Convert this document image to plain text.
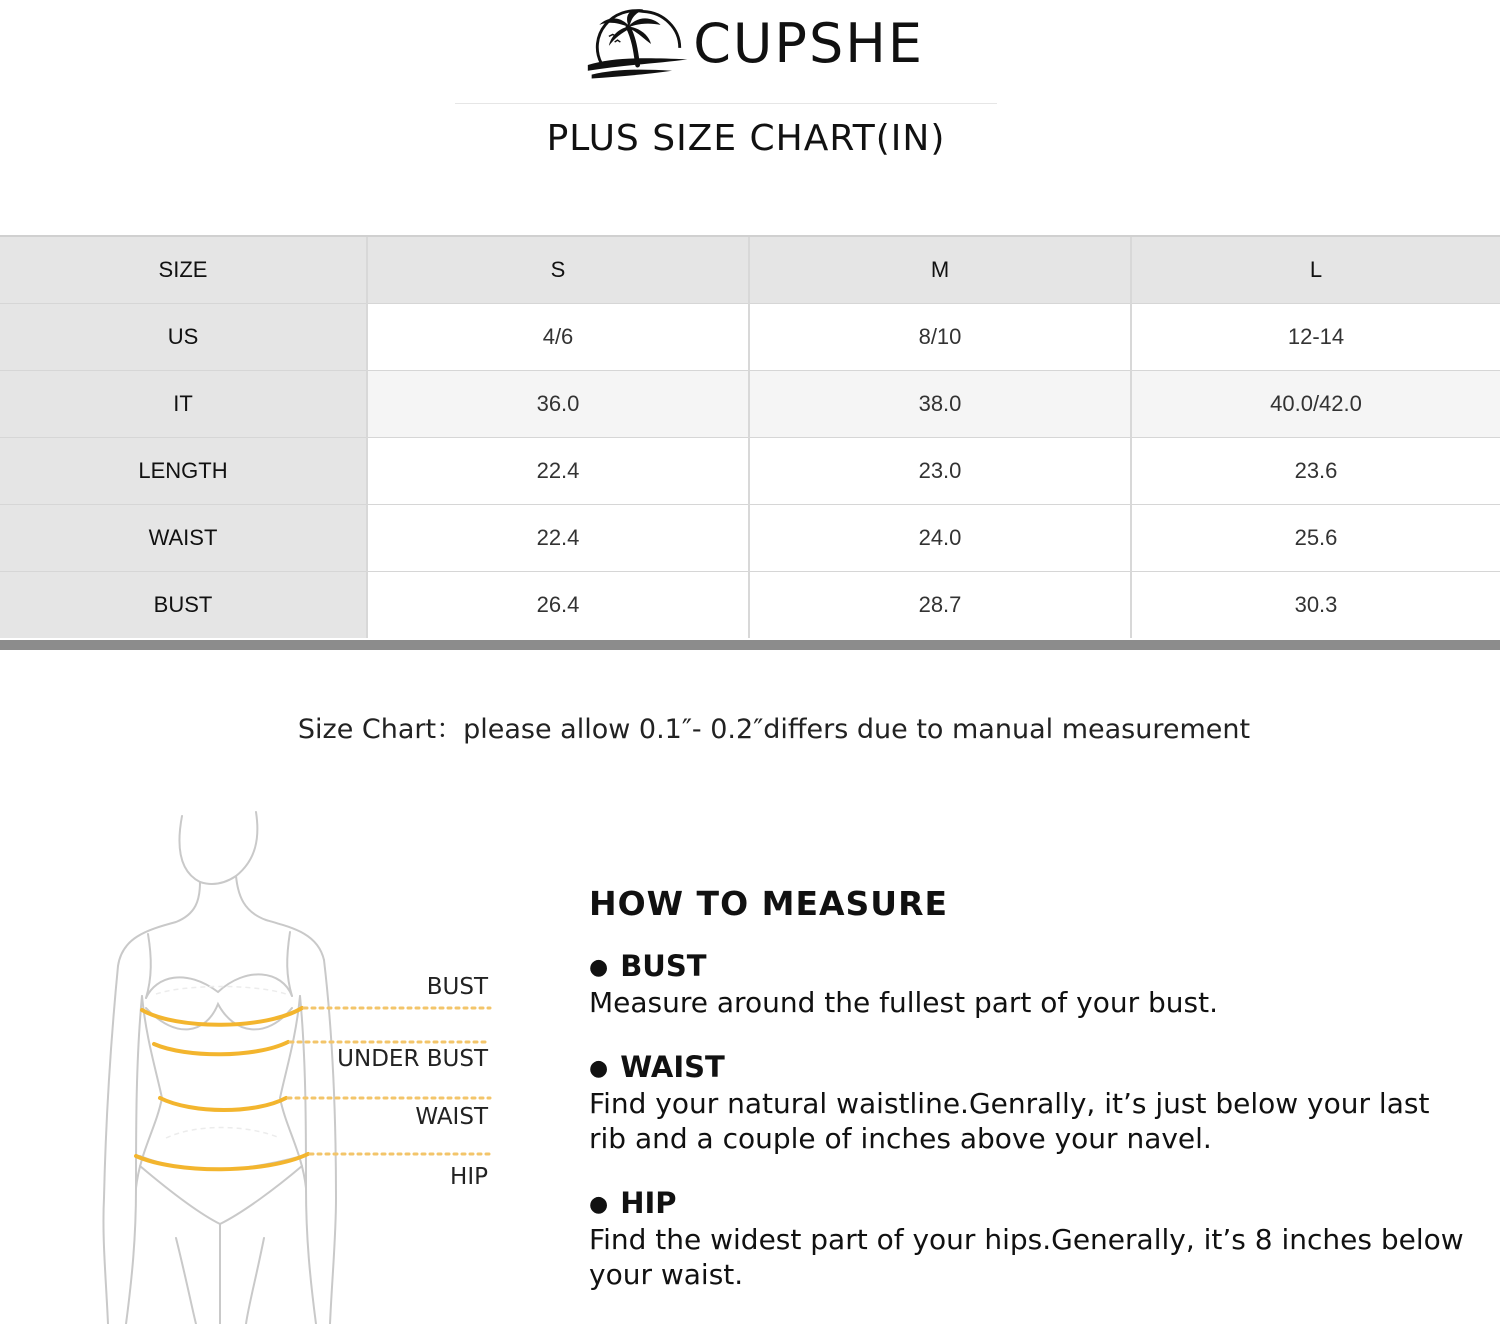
CUPSHE
PLUS SIZE CHART(IN)
SIZE	S	M	L
US	4/6	8/10	12-14
IT	36.0	38.0	40.0/42.0
LENGTH	22.4	23.0	23.6
WAIST	22.4	24.0	25.6
BUST	26.4	28.7	30.3
Size Chart：please allow 0.1″- 0.2″differs due to manual measurement
BUST
UNDER BUST
WAIST
HIP
HOW TO MEASURE
● BUST
Measure around the fullest part of your bust.
● WAIST
Find your natural waistline.Genrally, it’s just below your last rib and a couple of inches above your navel.
● HIP
Find the widest part of your hips.Generally, it’s 8 inches below your waist.
